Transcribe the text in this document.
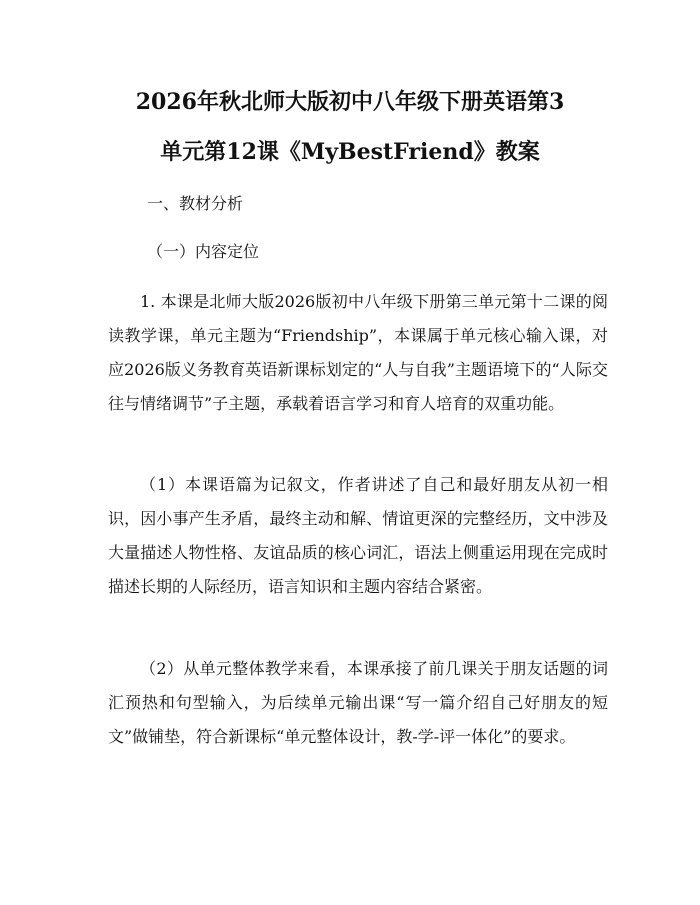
2026年秋北师大版初中八年级下册英语第3
单元第12课《MyBestFriend》教案
一、教材分析
（一）内容定位
1. 本课是北师大版2026版初中八年级下册第三单元第十二课的阅读教学课，单元主题为“Friendship”，本课属于单元核心输入课，对应2026版义务教育英语新课标划定的“人与自我”主题语境下的“人际交往与情绪调节”子主题，承载着语言学习和育人培育的双重功能。
（1）本课语篇为记叙文，作者讲述了自己和最好朋友从初一相识，因小事产生矛盾，最终主动和解、情谊更深的完整经历，文中涉及大量描述人物性格、友谊品质的核心词汇，语法上侧重运用现在完成时描述长期的人际经历，语言知识和主题内容结合紧密。
（2）从单元整体教学来看，本课承接了前几课关于朋友话题的词汇预热和句型输入，为后续单元输出课“写一篇介绍自己好朋友的短文”做铺垫，符合新课标“单元整体设计，教-学-评一体化”的要求。
